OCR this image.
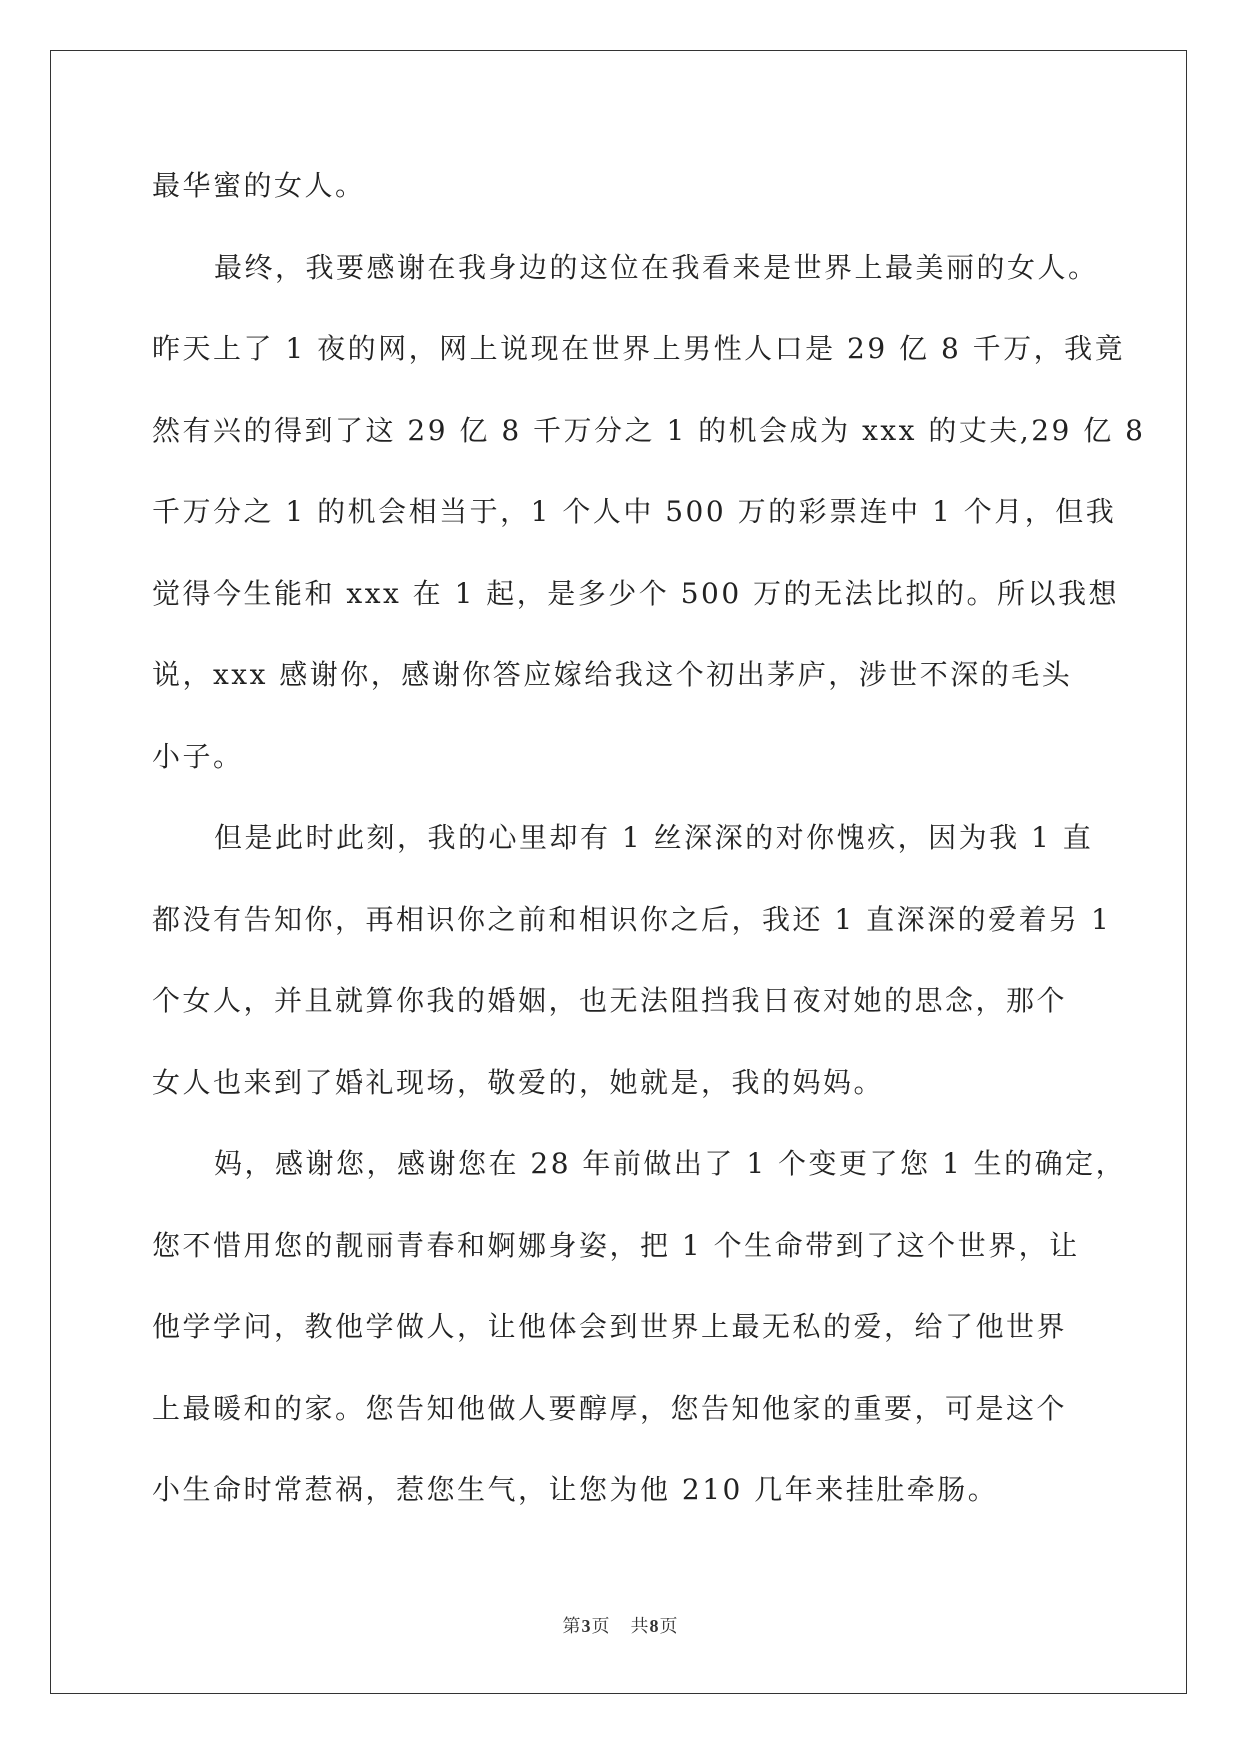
最华蜜的女人。
最终，我要感谢在我身边的这位在我看来是世界上最美丽的女人。
昨天上了 1 夜的网，网上说现在世界上男性人口是 29 亿 8 千万，我竟
然有兴的得到了这 29 亿 8 千万分之 1 的机会成为 xxx 的丈夫,29 亿 8
千万分之 1 的机会相当于，1 个人中 500 万的彩票连中 1 个月，但我
觉得今生能和 xxx 在 1 起，是多少个 500 万的无法比拟的。所以我想
说，xxx 感谢你，感谢你答应嫁给我这个初出茅庐，涉世不深的毛头
小子。
但是此时此刻，我的心里却有 1 丝深深的对你愧疚，因为我 1 直
都没有告知你，再相识你之前和相识你之后，我还 1 直深深的爱着另 1
个女人，并且就算你我的婚姻，也无法阻挡我日夜对她的思念，那个
女人也来到了婚礼现场，敬爱的，她就是，我的妈妈。
妈，感谢您，感谢您在 28 年前做出了 1 个变更了您 1 生的确定，
您不惜用您的靓丽青春和婀娜身姿，把 1 个生命带到了这个世界，让
他学学问，教他学做人，让他体会到世界上最无私的爱，给了他世界
上最暖和的家。您告知他做人要醇厚，您告知他家的重要，可是这个
小生命时常惹祸，惹您生气，让您为他 210 几年来挂肚牵肠。
第3页 共8页
